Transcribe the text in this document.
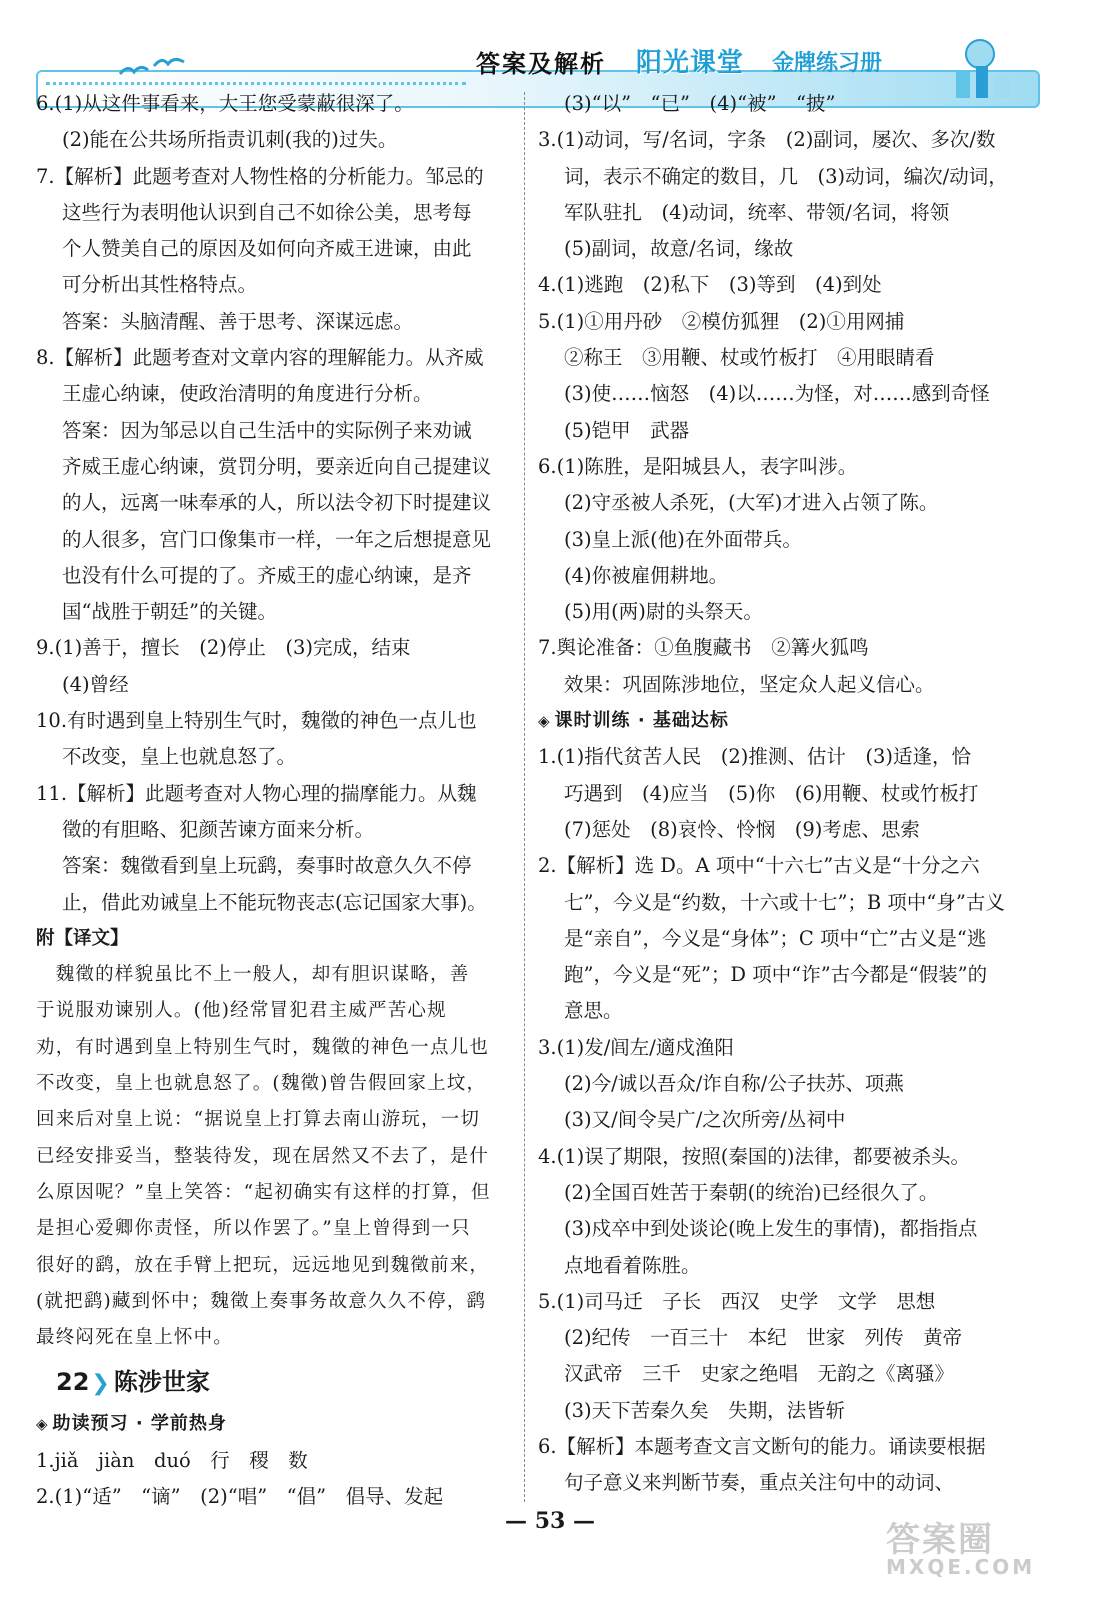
答案及解析 阳光课堂 金牌练习册
6.(1)从这件事看来，大王您受蒙蔽很深了。
(2)能在公共场所指责讥刺(我的)过失。
7.【解析】此题考查对人物性格的分析能力。邹忌的
这些行为表明他认识到自己不如徐公美，思考每
个人赞美自己的原因及如何向齐威王进谏，由此
可分析出其性格特点。
答案：头脑清醒、善于思考、深谋远虑。
8.【解析】此题考查对文章内容的理解能力。从齐威
王虚心纳谏，使政治清明的角度进行分析。
答案：因为邹忌以自己生活中的实际例子来劝诫
齐威王虚心纳谏，赏罚分明，要亲近向自己提建议
的人，远离一味奉承的人，所以法令初下时提建议
的人很多，宫门口像集市一样，一年之后想提意见
也没有什么可提的了。齐威王的虚心纳谏，是齐
国“战胜于朝廷”的关键。
9.(1)善于，擅长　(2)停止　(3)完成，结束
(4)曾经
10.有时遇到皇上特别生气时，魏徵的神色一点儿也
不改变，皇上也就息怒了。
11.【解析】此题考查对人物心理的揣摩能力。从魏
徵的有胆略、犯颜苦谏方面来分析。
答案：魏徵看到皇上玩鹞，奏事时故意久久不停
止，借此劝诫皇上不能玩物丧志(忘记国家大事)。
附【译文】
　魏徵的样貌虽比不上一般人，却有胆识谋略，善
于说服劝谏别人。(他)经常冒犯君主威严苦心规
劝，有时遇到皇上特别生气时，魏徵的神色一点儿也
不改变，皇上也就息怒了。(魏徵)曾告假回家上坟，
回来后对皇上说：“据说皇上打算去南山游玩，一切
已经安排妥当，整装待发，现在居然又不去了，是什
么原因呢？”皇上笑答：“起初确实有这样的打算，但
是担心爱卿你责怪，所以作罢了。”皇上曾得到一只
很好的鹞，放在手臂上把玩，远远地见到魏徵前来，
(就把鹞)藏到怀中；魏徵上奏事务故意久久不停，鹞
最终闷死在皇上怀中。
22❯ 陈涉世家
◈ 助读预习 · 学前热身
1.jiǎ　jiàn　duó　行　稷　数
2.(1)“适”　“谪”　(2)“唱”　“倡”　倡导、发起
(3)“以”　“已”　(4)“被”　“披”
3.(1)动词，写/名词，字条　(2)副词，屡次、多次/数
词，表示不确定的数目，几　(3)动词，编次/动词，
军队驻扎　(4)动词，统率、带领/名词，将领
(5)副词，故意/名词，缘故
4.(1)逃跑　(2)私下　(3)等到　(4)到处
5.(1)①用丹砂　②模仿狐狸　(2)①用网捕
②称王　③用鞭、杖或竹板打　④用眼睛看
(3)使……恼怒　(4)以……为怪，对……感到奇怪
(5)铠甲　武器
6.(1)陈胜，是阳城县人，表字叫涉。
(2)守丞被人杀死，(大军)才进入占领了陈。
(3)皇上派(他)在外面带兵。
(4)你被雇佣耕地。
(5)用(两)尉的头祭天。
7.舆论准备：①鱼腹藏书　②篝火狐鸣
效果：巩固陈涉地位，坚定众人起义信心。
◈ 课时训练 · 基础达标
1.(1)指代贫苦人民　(2)推测、估计　(3)适逢，恰
巧遇到　(4)应当　(5)你　(6)用鞭、杖或竹板打
(7)惩处　(8)哀怜、怜悯　(9)考虑、思索
2.【解析】选 D。A 项中“十六七”古义是“十分之六
七”，今义是“约数，十六或十七”；B 项中“身”古义
是“亲自”，今义是“身体”；C 项中“亡”古义是“逃
跑”，今义是“死”；D 项中“诈”古今都是“假装”的
意思。
3.(1)发/闾左/適戍渔阳
(2)今/诚以吾众/诈自称/公子扶苏、项燕
(3)又/间令吴广/之次所旁/丛祠中
4.(1)误了期限，按照(秦国的)法律，都要被杀头。
(2)全国百姓苦于秦朝(的统治)已经很久了。
(3)戍卒中到处谈论(晚上发生的事情)，都指指点
点地看着陈胜。
5.(1)司马迁　子长　西汉　史学　文学　思想
(2)纪传　一百三十　本纪　世家　列传　黄帝
汉武帝　三千　史家之绝唱　无韵之《离骚》
(3)天下苦秦久矣　失期，法皆斩
6.【解析】本题考查文言文断句的能力。诵读要根据
句子意义来判断节奏，重点关注句中的动词、
— 53 —	答案圈
MXQE.COM
